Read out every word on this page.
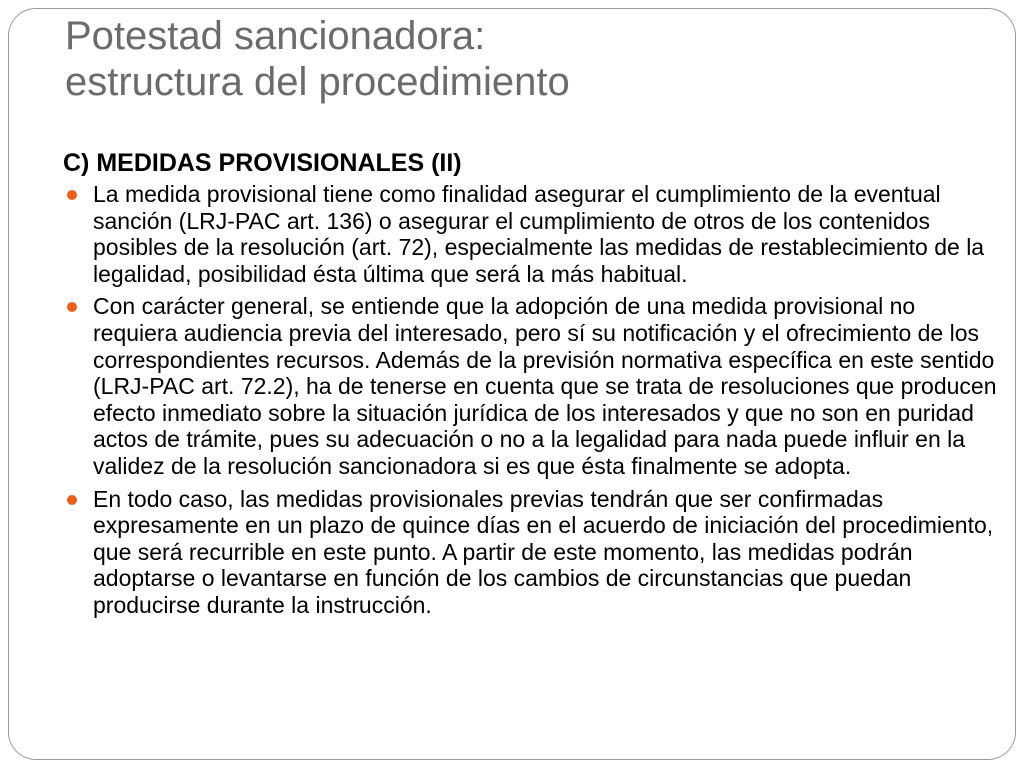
Potestad sancionadora:
estructura del procedimiento
C) MEDIDAS PROVISIONALES (II)
La medida provisional tiene como finalidad asegurar el cumplimiento de la eventual sanción (LRJ-PAC art. 136) o asegurar el cumplimiento de otros de los contenidos posibles de la resolución (art. 72), especialmente las medidas de restablecimiento de la legalidad, posibilidad ésta última que será la más habitual.
Con carácter general, se entiende que la adopción de una medida provisional no requiera audiencia previa del interesado, pero sí su notificación y el ofrecimiento de los correspondientes recursos. Además de la previsión normativa específica en este sentido (LRJ-PAC art. 72.2), ha de tenerse en cuenta que se trata de resoluciones que producen efecto inmediato sobre la situación jurídica de los interesados y que no son en puridad actos de trámite, pues su adecuación o no a la legalidad para nada puede influir en la validez de la resolución sancionadora si es que ésta finalmente se adopta.
En todo caso, las medidas provisionales previas tendrán que ser confirmadas expresamente en un plazo de quince días en el acuerdo de iniciación del procedimiento, que será recurrible en este punto. A partir de este momento, las medidas podrán adoptarse o levantarse en función de los cambios de circunstancias que puedan producirse durante la instrucción.
